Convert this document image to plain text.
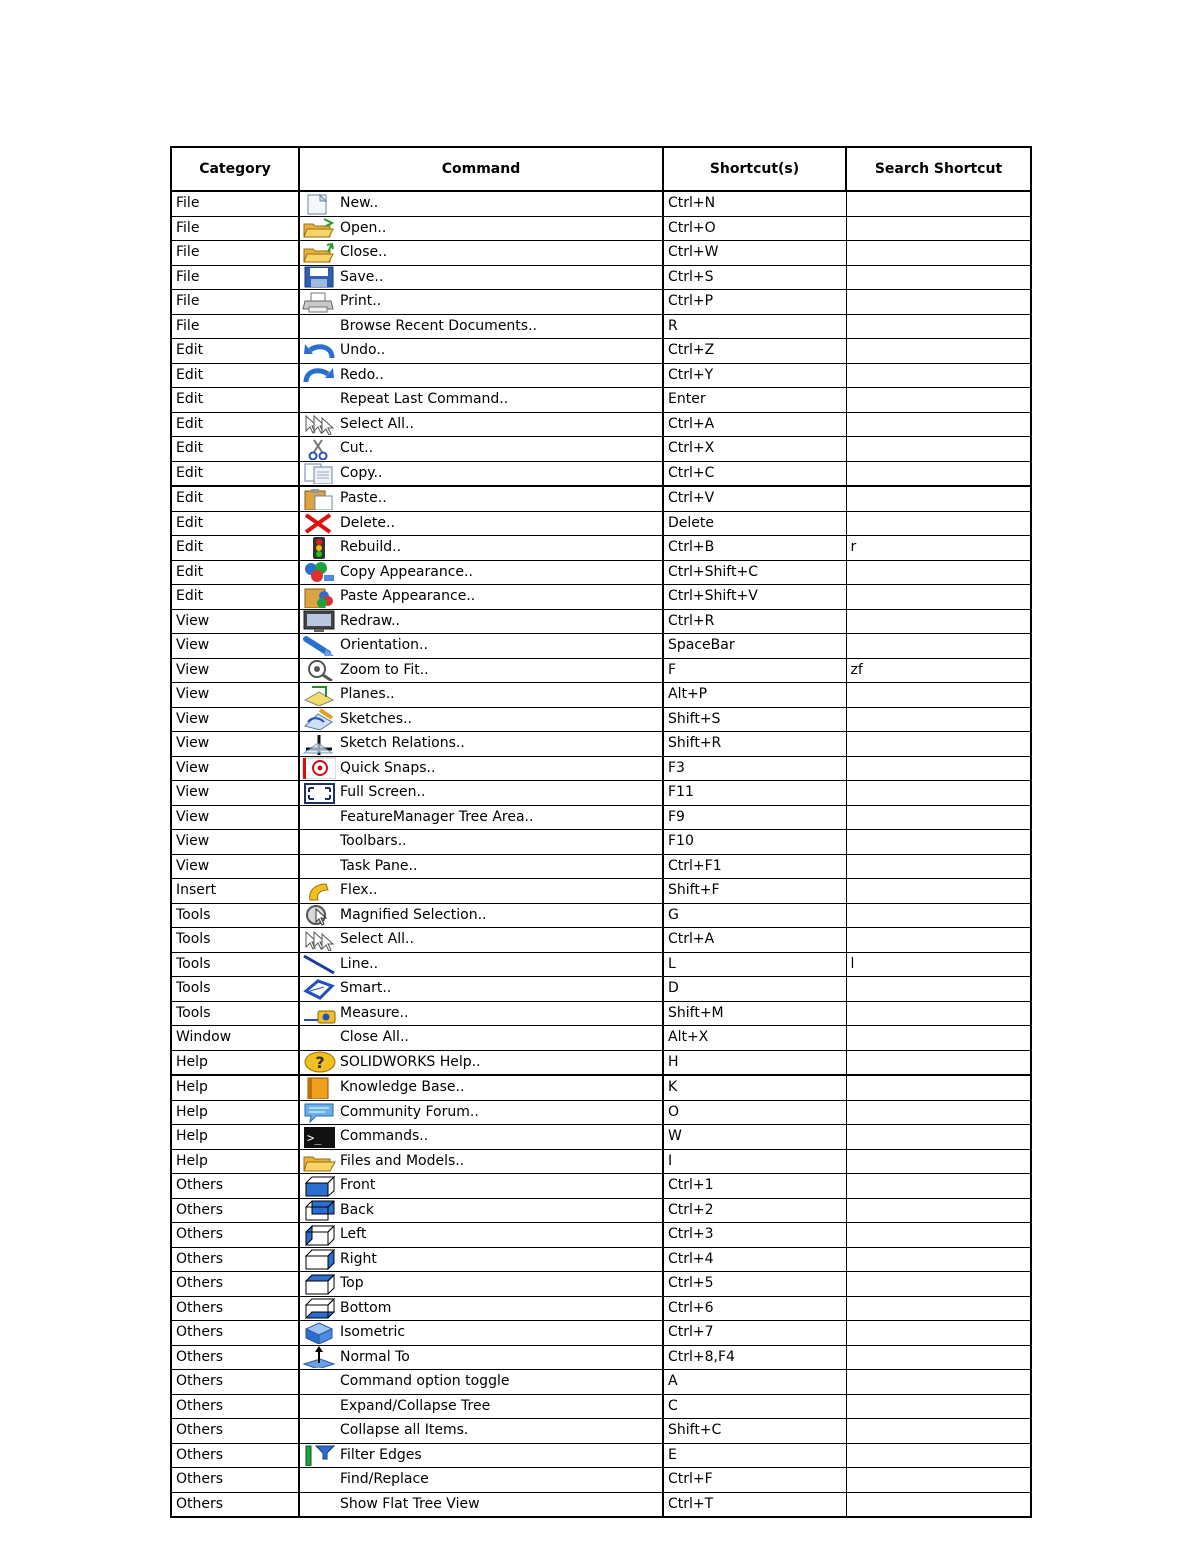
Category	Command	Shortcut(s)	Search Shortcut
File	New..	Ctrl+N	
File	Open..	Ctrl+O	
File	Close..	Ctrl+W	
File	Save..	Ctrl+S	
File	Print..	Ctrl+P	
File	Browse Recent Documents..	R	
Edit	Undo..	Ctrl+Z	
Edit	Redo..	Ctrl+Y	
Edit	Repeat Last Command..	Enter	
Edit	Select All..	Ctrl+A	
Edit	Cut..	Ctrl+X	
Edit	Copy..	Ctrl+C	
Edit	Paste..	Ctrl+V	
Edit	Delete..	Delete	
Edit	Rebuild..	Ctrl+B	r
Edit	Copy Appearance..	Ctrl+Shift+C	
Edit	Paste Appearance..	Ctrl+Shift+V	
View	Redraw..	Ctrl+R	
View	Orientation..	SpaceBar	
View	Zoom to Fit..	F	zf
View	Planes..	Alt+P	
View	Sketches..	Shift+S	
View	Sketch Relations..	Shift+R	
View	Quick Snaps..	F3	
View	Full Screen..	F11	
View	FeatureManager Tree Area..	F9	
View	Toolbars..	F10	
View	Task Pane..	Ctrl+F1	
Insert	Flex..	Shift+F	
Tools	Magnified Selection..	G	
Tools	Select All..	Ctrl+A	
Tools	Line..	L	l
Tools	Smart..	D	
Tools	Measure..	Shift+M	
Window	Close All..	Alt+X	
Help	? SOLIDWORKS Help..	H	
Help	Knowledge Base..	K	
Help	Community Forum..	O	
Help	>_ Commands..	W	
Help	Files and Models..	I	
Others	Front	Ctrl+1	
Others	Back	Ctrl+2	
Others	Left	Ctrl+3	
Others	Right	Ctrl+4	
Others	Top	Ctrl+5	
Others	Bottom	Ctrl+6	
Others	Isometric	Ctrl+7	
Others	Normal To	Ctrl+8,F4	
Others	Command option toggle	A	
Others	Expand/Collapse Tree	C	
Others	Collapse all Items.	Shift+C	
Others	Filter Edges	E	
Others	Find/Replace	Ctrl+F	
Others	Show Flat Tree View	Ctrl+T	
